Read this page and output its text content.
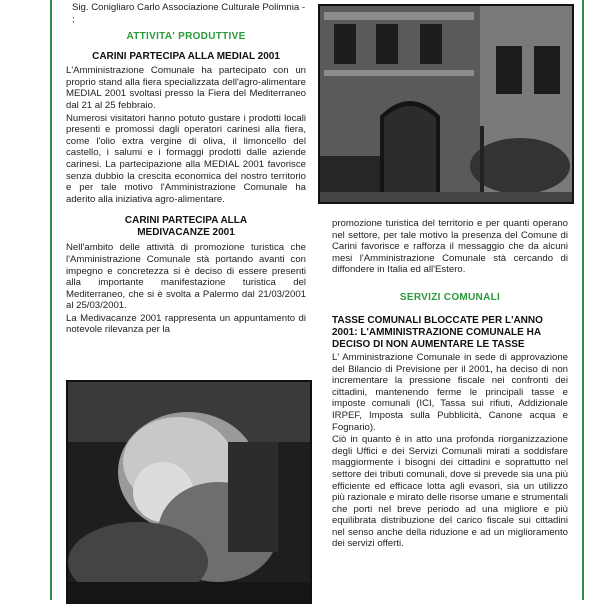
Sig. Conigliaro Carlo Associazione Culturale Polimnia - ;

ATTIVITA' PRODUTTIVE

CARINI PARTECIPA ALLA MEDIAL 2001

L'Amministrazione Comunale ha partecipato con un proprio stand alla fiera specializzata dell'agro-alimentare MEDIAL 2001 svoltasi presso la Fiera del Mediterraneo dal 21 al 25 febbraio.

Numerosi visitatori hanno potuto gustare i prodotti locali presenti e promossi dagli operatori carinesi alla fiera, come l'olio extra vergine di oliva, il limoncello del castello, i salumi e i formaggi prodotti dalle aziende carinesi. La partecipazione alla MEDIAL 2001 favorisce senza dubbio la crescita economica del nostro territorio e per tale motivo l'Amministrazione Comunale ha aderito alla iniziativa agro-alimentare.

CARINI PARTECIPA ALLA

MEDIVACANZE 2001

Nell'ambito delle attività di promozione turistica che l'Amministrazione Comunale stà portando avanti con impegno e concretezza si è deciso di essere presenti alla importante manifestazione turistica del Mediterraneo, che si è svolta a Palermo dal 21/03/2001 al 25/03/2001.

La Medivacanze 2001 rappresenta un appuntamento di notevole rilevanza per la

promozione turistica del territorio e per quanti operano nel settore, per tale motivo la presenza del Comune di Carini favorisce e rafforza il messaggio che da alcuni mesi l'Amministrazione Comunale stà cercando di diffondere in Italia ed all'Estero.

SERVIZI COMUNALI

TASSE COMUNALI BLOCCATE PER L'ANNO 2001: L'AMMINISTRAZIONE COMUNALE HA DECISO DI NON AUMENTARE LE TASSE

L' Amministrazione Comunale in sede di approvazione del Bilancio di Previsione per il 2001, ha deciso di non incrementare la pressione fiscale nei confronti dei cittadini, mantenendo ferme le principali tasse e imposte comunali (ICI, Tassa sui rifiuti, Addizionale IRPEF, Imposta sulla Pubblicità, Canone acqua e Fognario).

Ciò in quanto è in atto una profonda riorganizzazione degli Uffici e dei Servizi Comunali mirati a soddisfare maggiormente i bisogni dei cittadini e soprattutto nel settore dei tributi comunali, dove si prevede sia una più efficiente ed efficace lotta agli evasori, sia un utilizzo più razionale e mirato delle risorse umane e strumentali che porti nel breve periodo ad una migliore e più equilibrata distribuzione del carico fiscale sui cittadini nel senso anche della riduzione e ad un miglioramento dei servizi offerti.
